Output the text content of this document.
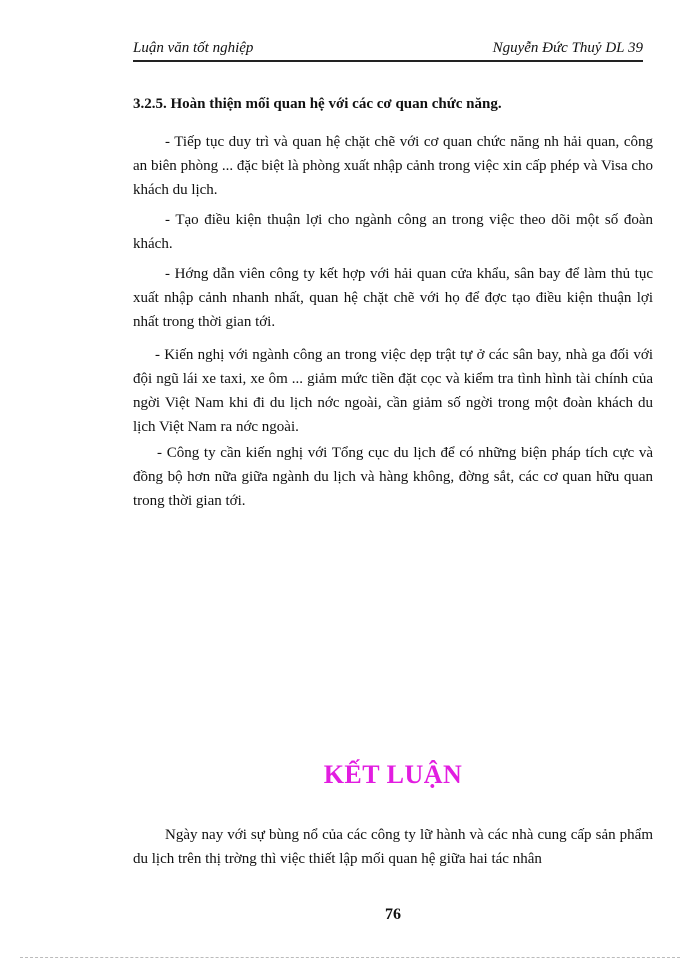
Luận văn tốt nghiệp	Nguyễn Đức Thuỷ DL 39
3.2.5. Hoàn thiện mối quan hệ với các cơ quan chức năng.
- Tiếp tục duy trì và quan hệ chặt chẽ với cơ quan chức năng nh hải quan, công an biên phòng ... đặc biệt là phòng xuất nhập cảnh trong việc xin cấp phép và Visa cho khách du lịch.
- Tạo điều kiện thuận lợi cho ngành công an trong việc theo dõi một số đoàn khách.
- Hớng dẫn viên công ty kết hợp với hải quan cửa khẩu, sân bay để làm thủ tục xuất nhập cảnh nhanh nhất, quan hệ chặt chẽ với họ để đợc tạo điều kiện thuận lợi nhất trong thời gian tới.
- Kiến nghị với ngành công an trong việc dẹp trật tự ở các sân bay, nhà ga đối với đội ngũ lái xe taxi, xe ôm ... giảm mức tiền đặt cọc và kiểm tra tình hình tài chính của ngời Việt Nam khi đi du lịch nớc ngoài, cần giảm số ngời trong một đoàn khách du lịch Việt Nam ra nớc ngoài.
- Công ty cần kiến nghị với Tổng cục du lịch để có những biện pháp tích cực và đồng bộ hơn nữa giữa ngành du lịch và hàng không, đờng sắt, các cơ quan hữu quan trong thời gian tới.
KẾT LUẬN
Ngày nay với sự bùng nổ của các công ty lữ hành và các nhà cung cấp sản phẩm du lịch trên thị trờng thì việc thiết lập mối quan hệ giữa hai tác nhân
76
